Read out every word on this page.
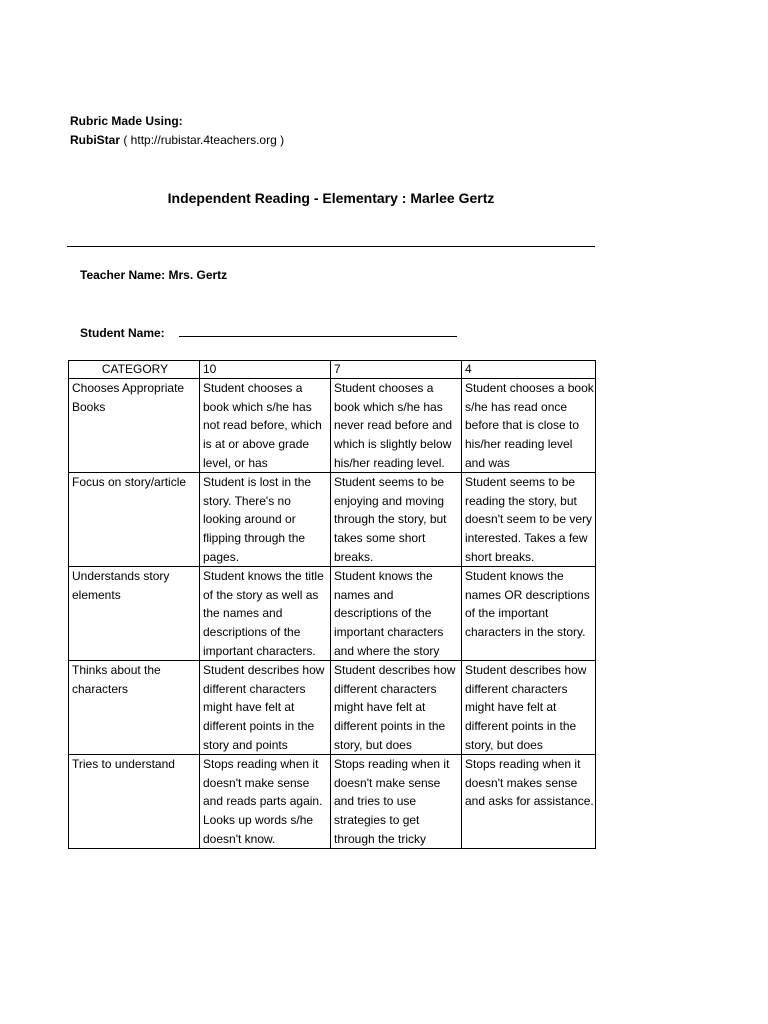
Rubric Made Using:
RubiStar ( http://rubistar.4teachers.org )
Independent Reading - Elementary : Marlee Gertz
Teacher Name: Mrs. Gertz
Student Name:
CATEGORY	10	7	4

Chooses Appropriate Books	Student chooses a book which s/he has not read before, which is at or above grade level, or has	Student chooses a book which s/he has never read before and which is slightly below his/her reading level.	Student chooses a book s/he has read once before that is close to his/her reading level and was

Focus on story/article	Student is lost in the story. There's no looking around or flipping through the pages.	Student seems to be enjoying and moving through the story, but takes some short breaks.	Student seems to be reading the story, but doesn't seem to be very interested. Takes a few short breaks.

Understands story elements	Student knows the title of the story as well as the names and descriptions of the important characters.	Student knows the names and descriptions of the important characters and where the story	Student knows the names OR descriptions of the important characters in the story.

Thinks about the characters	Student describes how different characters might have felt at different points in the story and points	Student describes how different characters might have felt at different points in the story, but does	Student describes how different characters might have felt at different points in the story, but does

Tries to understand	Stops reading when it doesn't make sense and reads parts again. Looks up words s/he doesn't know.	Stops reading when it doesn't make sense and tries to use strategies to get through the tricky	Stops reading when it doesn't makes sense and asks for assistance.
